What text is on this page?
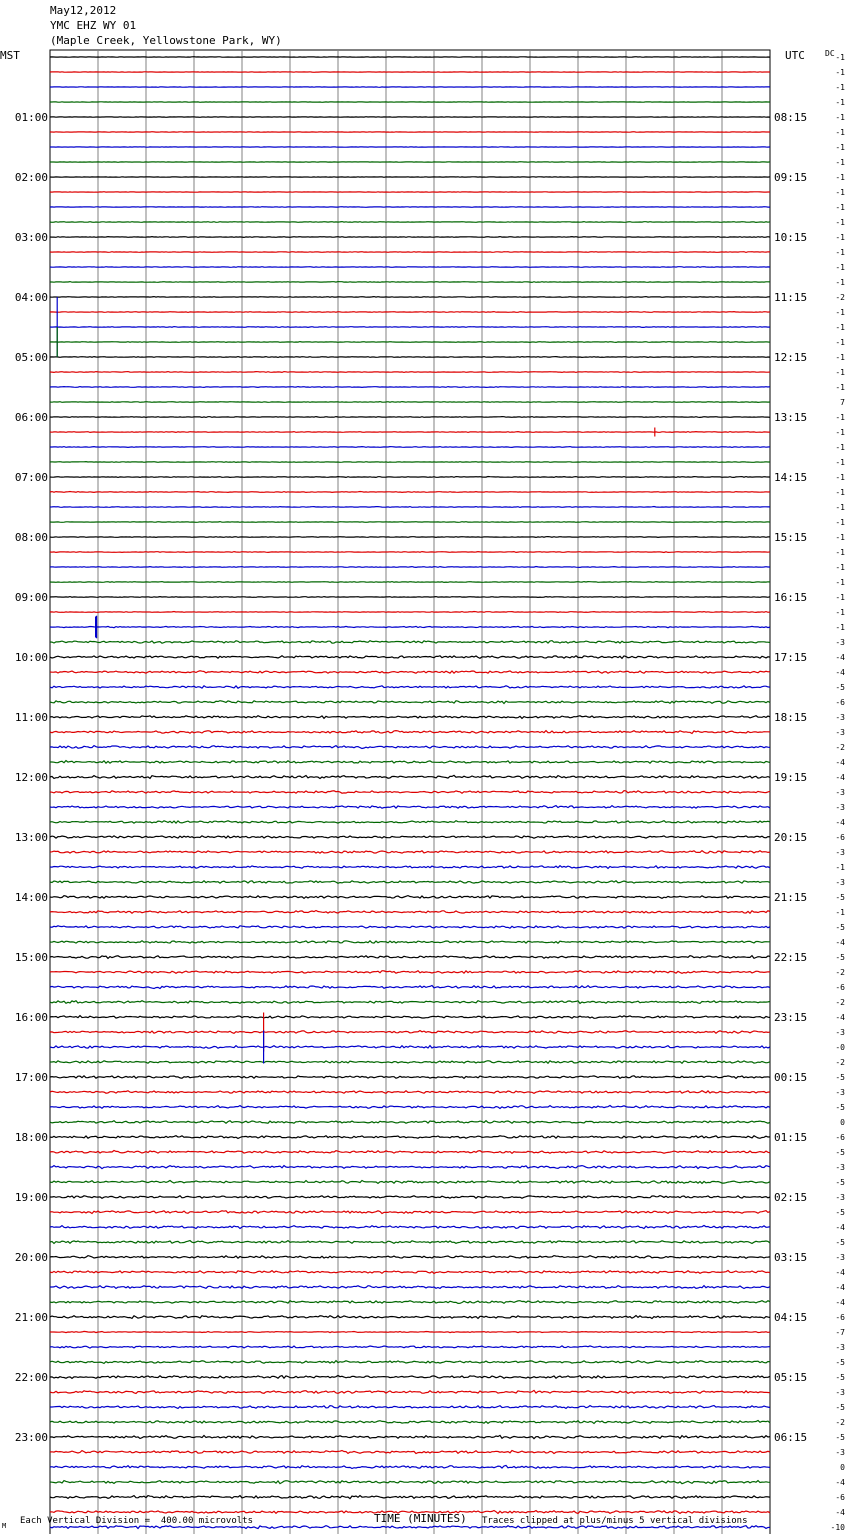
May12,2012
YMC EHZ WY 01
(Maple Creek, Yellowstone Park, WY)
MST	UTC	DC
01:00
02:00
03:00
04:00
05:00
06:00
07:00
08:00
09:00
10:00
11:00
12:00
13:00
14:00
15:00
16:00
17:00
18:00
19:00
20:00
21:00
22:00
23:00
08:15
09:15
10:15
11:15
12:15
13:15
14:15
15:15
16:15
17:15
18:15
19:15
20:15
21:15
22:15
23:15
00:15
01:15
02:15
03:15
04:15
05:15
06:15
-1
-1
-1
-1
-1
-1
-1
-1
-1
-1
-1
-1
-1
-1
-1
-1
-2
-1
-1
-1
-1
-1
-1
7
-1
-1
-1
-1
-1
-1
-1
-1
-1
-1
-1
-1
-1
-1
-1
-3
-4
-4
-5
-6
-3
-3
-2
-4
-4
-3
-3
-4
-6
-3
-1
-3
-5
-1
-5
-4
-5
-2
-6
-2
-4
-3
-0
-2
-5
-3
-5
0
-6
-5
-3
-5
-3
-5
-4
-5
-3
-4
-4
-4
-6
-7
-3
-5
-5
-3
-5
-2
-5
-3
0
-4
-6
-4
-10
M Each Vertical Division =  400.00 microvolts	TIME (MINUTES) Traces clipped at plus/minus 5 vertical divisions
